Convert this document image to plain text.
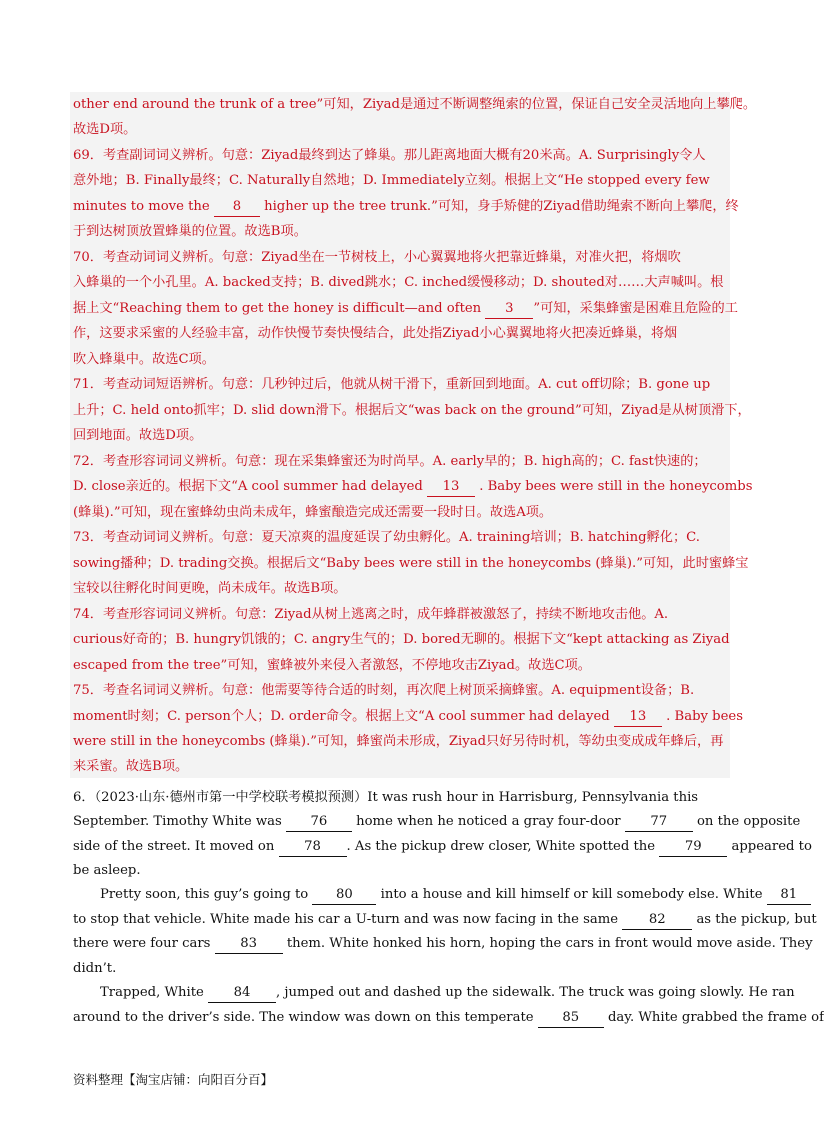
other end around the trunk of a tree”可知，Ziyad是通过不断调整绳索的位置，保证自己安全灵活地向上攀爬。
故选D项。
69．考查副词词义辨析。句意：Ziyad最终到达了蜂巢。那儿距离地面大概有20米高。A. Surprisingly令人
意外地；B. Finally最终；C. Naturally自然地；D. Immediately立刻。根据上文“He stopped every few
minutes to move the 8 higher up the tree trunk.”可知，身手矫健的Ziyad借助绳索不断向上攀爬，终
于到达树顶放置蜂巢的位置。故选B项。
70．考查动词词义辨析。句意：Ziyad坐在一节树枝上，小心翼翼地将火把靠近蜂巢，对准火把，将烟吹
入蜂巢的一个小孔里。A. backed支持；B. dived跳水；C. inched缓慢移动；D. shouted对……大声喊叫。根
据上文“Reaching them to get the honey is difficult—and often 3 ”可知，采集蜂蜜是困难且危险的工
作，这要求采蜜的人经验丰富，动作快慢节奏快慢结合，此处指Ziyad小心翼翼地将火把凑近蜂巢，将烟
吹入蜂巢中。故选C项。
71．考查动词短语辨析。句意：几秒钟过后，他就从树干滑下，重新回到地面。A. cut off切除；B. gone up
上升；C. held onto抓牢；D. slid down滑下。根据后文“was back on the ground”可知，Ziyad是从树顶滑下，
回到地面。故选D项。
72．考查形容词词义辨析。句意：现在采集蜂蜜还为时尚早。A. early早的；B. high高的；C. fast快速的；
D. close亲近的。根据下文“A cool summer had delayed 13 . Baby bees were still in the honeycombs
(蜂巢).”可知，现在蜜蜂幼虫尚未成年，蜂蜜酿造完成还需要一段时日。故选A项。
73．考查动词词义辨析。句意：夏天凉爽的温度延误了幼虫孵化。A. training培训；B. hatching孵化；C.
sowing播种；D. trading交换。根据后文“Baby bees were still in the honeycombs (蜂巢).”可知，此时蜜蜂宝
宝较以往孵化时间更晚，尚未成年。故选B项。
74．考查形容词词义辨析。句意：Ziyad从树上逃离之时，成年蜂群被激怒了，持续不断地攻击他。A.
curious好奇的；B. hungry饥饿的；C. angry生气的；D. bored无聊的。根据下文“kept attacking as Ziyad
escaped from the tree”可知，蜜蜂被外来侵入者激怒，不停地攻击Ziyad。故选C项。
75．考查名词词义辨析。句意：他需要等待合适的时刻，再次爬上树顶采摘蜂蜜。A. equipment设备；B.
moment时刻；C. person个人；D. order命令。根据上文“A cool summer had delayed 13 . Baby bees
were still in the honeycombs (蜂巢).”可知，蜂蜜尚未形成，Ziyad只好另待时机，等幼虫变成成年蜂后，再
来采蜜。故选B项。
6．（2023·山东·德州市第一中学校联考模拟预测）It was rush hour in Harrisburg, Pennsylvania this
September. Timothy White was 76 home when he noticed a gray four-door 77 on the opposite
side of the street. It moved on 78 . As the pickup drew closer, White spotted the 79 appeared to
be asleep.
Pretty soon, this guy’s going to 80 into a house and kill himself or kill somebody else. White 81
to stop that vehicle. White made his car a U-turn and was now facing in the same 82 as the pickup, but
there were four cars 83 them. White honked his horn, hoping the cars in front would move aside. They
didn’t.
Trapped, White 84 , jumped out and dashed up the sidewalk. The truck was going slowly. He ran
around to the driver’s side. The window was down on this temperate 85 day. White grabbed the frame of
资料整理【淘宝店铺：向阳百分百】
